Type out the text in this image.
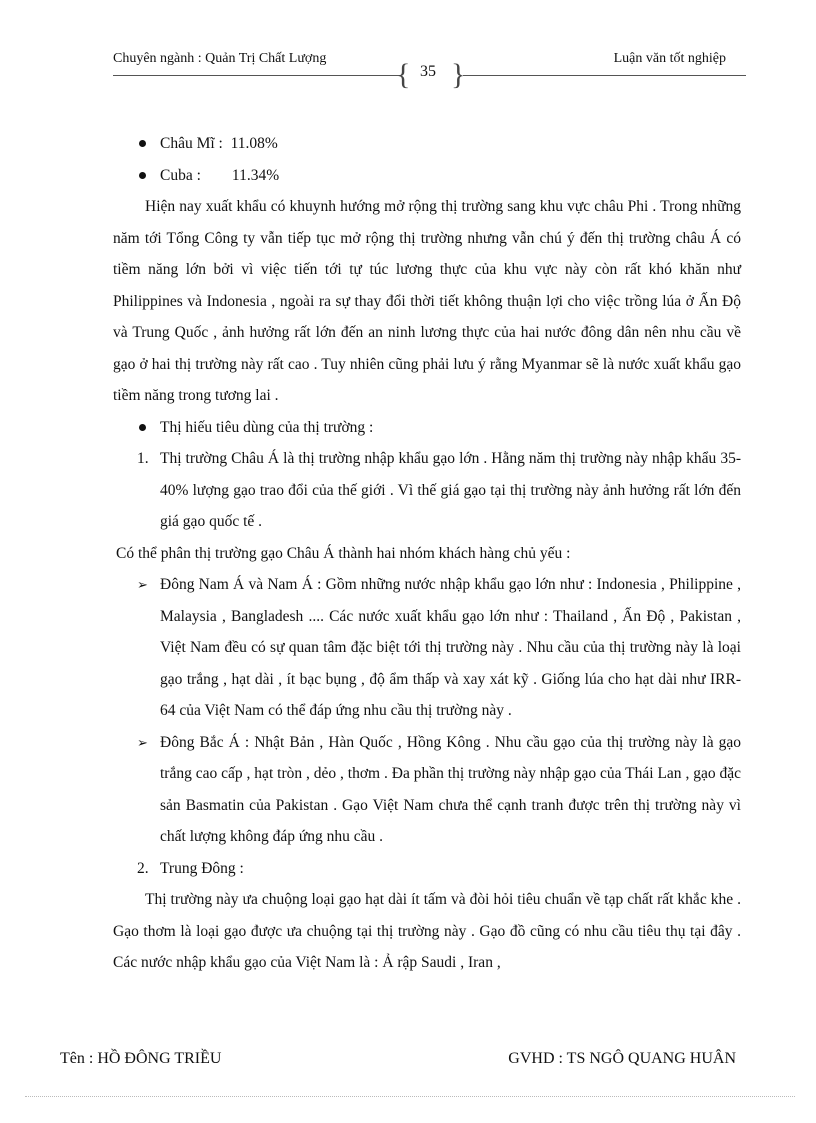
Chuyên ngành : Quản Trị Chất Lượng { 35 }	Luận văn tốt nghiệp
Châu Mĩ :  11.08%
Cuba :        11.34%
Hiện nay xuất khẩu có khuynh hướng mở rộng thị trường sang khu vực châu Phi . Trong những năm tới Tổng Công ty vẫn tiếp tục mở rộng thị trường nhưng vẫn chú ý đến thị trường châu Á có tiềm năng lớn bởi vì việc tiến tới tự túc lương thực của khu vực này còn rất khó khăn như Philippines và Indonesia , ngoài ra sự thay đổi thời tiết không thuận lợi cho việc trồng lúa ở Ấn Độ và Trung Quốc , ảnh hưởng rất lớn đến an ninh lương thực của hai nước đông dân nên nhu cầu về gạo ở hai thị trường này rất cao . Tuy nhiên cũng phải lưu ý rằng Myanmar sẽ là nước xuất khẩu gạo tiềm năng trong tương lai .
Thị hiếu tiêu dùng của thị trường :
1. Thị trường Châu Á là thị trường nhập khẩu gạo lớn . Hằng năm thị trường này nhập khẩu 35-40% lượng gạo trao đổi của thế giới . Vì thế giá gạo tại thị trường này ảnh hưởng rất lớn đến giá gạo quốc tế .
Có thể phân thị trường gạo Châu Á thành hai nhóm khách hàng chủ yếu :
➢ Đông Nam Á và Nam Á : Gồm những nước nhập khẩu gạo lớn như : Indonesia , Philippine , Malaysia , Bangladesh .... Các nước xuất khẩu gạo lớn như : Thailand , Ấn Độ , Pakistan , Việt Nam đều có sự quan tâm đặc biệt tới thị trường này . Nhu cầu của thị trường này là loại gạo trắng , hạt dài , ít bạc bụng , độ ẩm thấp và xay xát kỹ . Giống lúa cho hạt dài như IRR-64 của Việt Nam có thể đáp ứng nhu cầu thị trường này .
➢ Đông Bắc Á : Nhật Bản , Hàn Quốc , Hồng Kông . Nhu cầu gạo của thị trường này là gạo trắng cao cấp , hạt tròn , dẻo , thơm . Đa phần thị trường này nhập gạo của Thái Lan , gạo đặc sản Basmatin của Pakistan . Gạo Việt Nam chưa thể cạnh tranh được trên thị trường này vì chất lượng không đáp ứng nhu cầu .
2. Trung Đông :
Thị trường này ưa chuộng loại gạo hạt dài ít tấm và đòi hỏi tiêu chuẩn về tạp chất rất khắc khe . Gạo thơm là loại gạo được ưa chuộng tại thị trường này . Gạo đồ cũng có nhu cầu tiêu thụ tại đây . Các nước nhập khẩu gạo của Việt Nam là : Ả rập Saudi , Iran ,
Tên : HỒ ĐÔNG TRIỀU	GVHD : TS NGÔ QUANG HUÂN
